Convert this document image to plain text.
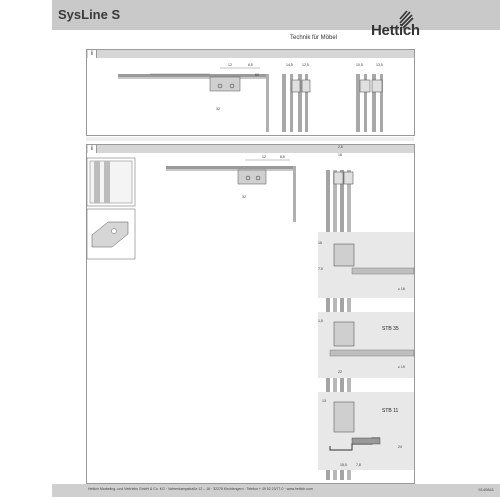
SysLine S
Hettich
Technik für Möbel
i
i
12	6,5
60
32
14,5	12,5	10,5	13,5
12	6,5
32
2,5
16
16
7,5
≥ 16
STB 35
1,5
22
≥ 19
STB 11
13
15,5	7,8
24
Hettich Marketing- und Vertriebs GmbH & Co. KG · Vahrenkampstraße 12 – 16 · 32278 Kirchlengern · Telefon + 49 52 23/77-0 · www.hettich.com	9149841
